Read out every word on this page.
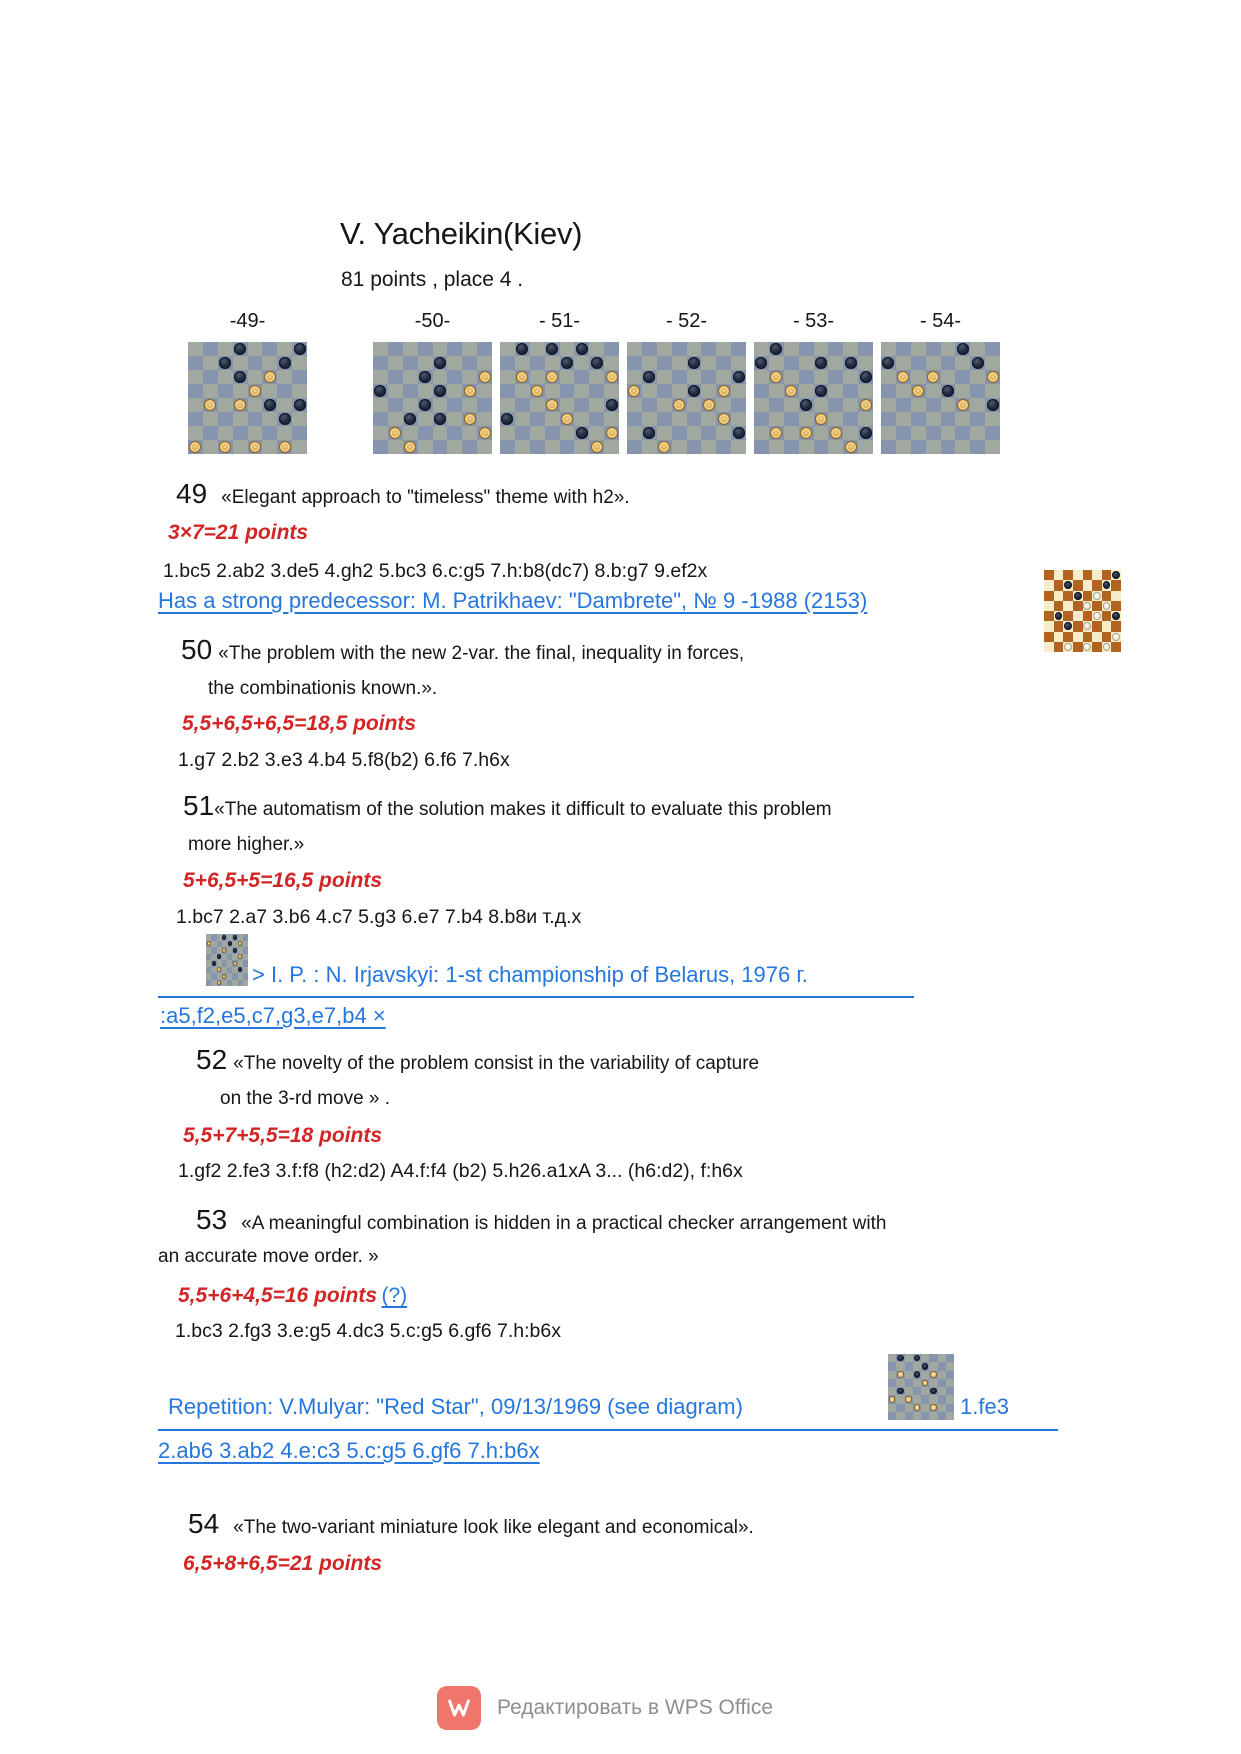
V. Yacheikin(Kiev)
81 points , place 4 .
-49-	-50-	- 51-	- 52-	- 53-	- 54-
49 «Elegant approach to "timeless" theme with h2».
3×7=21 points
1.bc5 2.ab2 3.de5 4.gh2 5.bc3 6.c:g5 7.h:b8(dc7) 8.b:g7 9.ef2x
Has a strong predecessor: M. Patrikhaev: "Dambrete", № 9 -1988 (2153)
50 «The problem with the new 2-var. the final, inequality in forces,
the combinationis known.».
5,5+6,5+6,5=18,5 points
1.g7 2.b2 3.e3 4.b4 5.f8(b2) 6.f6 7.h6x
51«The automatism of the solution makes it difficult to evaluate this problem
more higher.»
5+6,5+5=16,5 points
1.bc7 2.a7 3.b6 4.c7 5.g3 6.e7 7.b4 8.b8и т.д.x
> I. P. : N. Irjavskyi: 1-st championship of Belarus, 1976 г.
:a5,f2,e5,c7,g3,e7,b4 ×
52 «The novelty of the problem consist in the variability of capture
on the 3-rd move » .
5,5+7+5,5=18 points
1.gf2 2.fe3 3.f:f8 (h2:d2) A4.f:f4 (b2) 5.h26.a1xA 3... (h6:d2), f:h6x
53 «A meaningful combination is hidden in a practical checker arrangement with
an accurate move order. »
5,5+6+4,5=16 points (?)
1.bc3 2.fg3 3.e:g5 4.dc3 5.c:g5 6.gf6 7.h:b6x
Repetition: V.Mulyar: "Red Star", 09/13/1969 (see diagram)	1.fe3
2.ab6 3.ab2 4.e:c3 5.c:g5 6.gf6 7.h:b6x
54 «The two-variant miniature look like elegant and economical».
6,5+8+6,5=21 points
Редактировать в WPS Office
